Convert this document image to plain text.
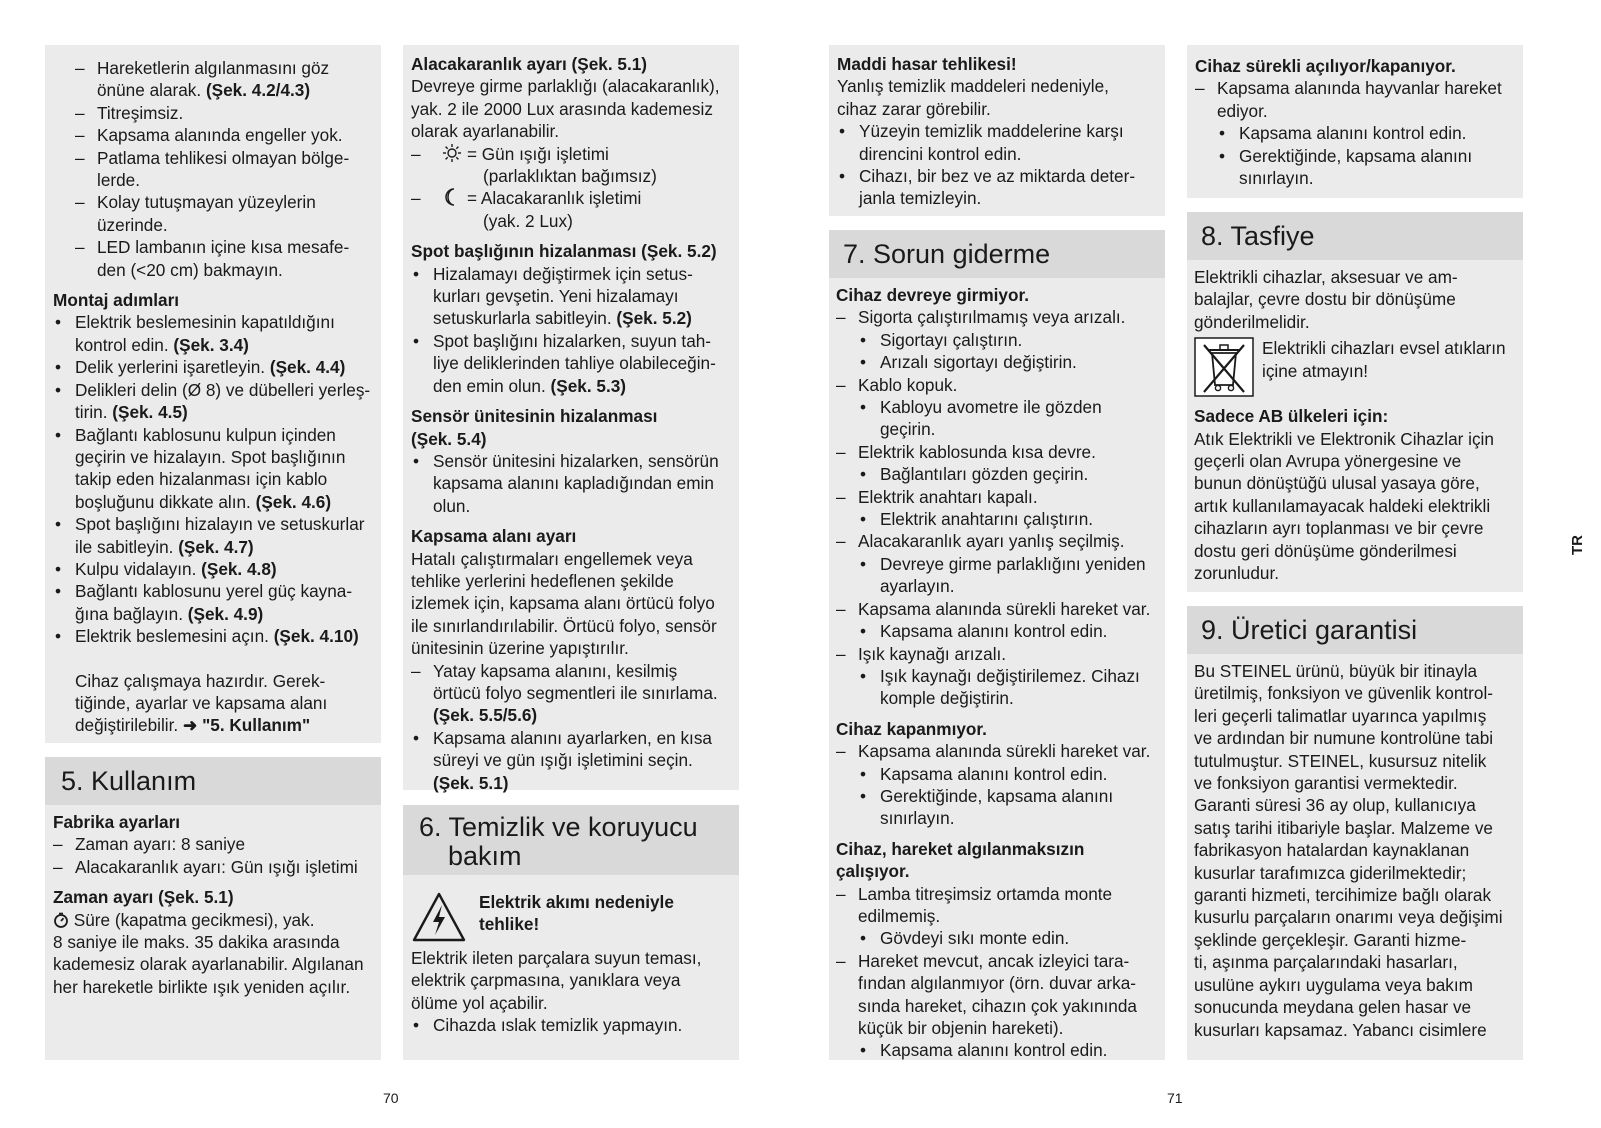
– Hareketlerin algılanmasını göz
önüne alarak. (Şek. 4.2/4.3)
– Titreşimsiz.
– Kapsama alanında engeller yok.
– Patlama tehlikesi olmayan bölge-
lerde.
– Kolay tutuşmayan yüzeylerin
üzerinde.
– LED lambanın içine kısa mesafe-
den (<20 cm) bakmayın.

Montaj adımları

• Elektrik beslemesinin kapatıldığını
kontrol edin. (Şek. 3.4)
• Delik yerlerini işaretleyin. (Şek. 4.4)
• Delikleri delin (Ø 8) ve dübelleri yerleş-
tirin. (Şek. 4.5)
• Bağlantı kablosunu kulpun içinden
geçirin ve hizalayın. Spot başlığının
takip eden hizalanması için kablo
boşluğunu dikkate alın. (Şek. 4.6)
• Spot başlığını hizalayın ve setuskurlar
ile sabitleyin. (Şek. 4.7)
• Kulpu vidalayın. (Şek. 4.8)
• Bağlantı kablosunu yerel güç kayna-
ğına bağlayın. (Şek. 4.9)
• Elektrik beslemesini açın. (Şek. 4.10)

Cihaz çalışmaya hazırdır. Gerek-
tiğinde, ayarlar ve kapsama alanı
değiştirilebilir. ➜ "5. Kullanım"

5. Kullanım

Fabrika ayarları

– Zaman ayarı: 8 saniye
– Alacakaranlık ayarı: Gün ışığı işletimi

Zaman ayarı (Şek. 5.1)

Süre (kapatma gecikmesi), yak.
8 saniye ile maks. 35 dakika arasında
kademesiz olarak ayarlanabilir. Algılanan
her hareketle birlikte ışık yeniden açılır.

70

Alacakaranlık ayarı (Şek. 5.1)

Devreye girme parlaklığı (alacakaranlık),
yak. 2 ile 2000 Lux arasında kademesiz
olarak ayarlanabilir.

–	= Gün ışığı işletimi
(parlaklıktan bağımsız)
–	= Alacakaranlık işletimi
(yak. 2 Lux)

Spot başlığının hizalanması (Şek. 5.2)

• Hizalamayı değiştirmek için setus-
kurları gevşetin. Yeni hizalamayı
setuskurlarla sabitleyin. (Şek. 5.2)
• Spot başlığını hizalarken, suyun tah-
liye deliklerinden tahliye olabileceğin-
den emin olun. (Şek. 5.3)

Sensör ünitesinin hizalanması
(Şek. 5.4)

• Sensör ünitesini hizalarken, sensörün
kapsama alanını kapladığından emin
olun.

Kapsama alanı ayarı

Hatalı çalıştırmaları engellemek veya
tehlike yerlerini hedeflenen şekilde
izlemek için, kapsama alanı örtücü folyo
ile sınırlandırılabilir. Örtücü folyo, sensör
ünitesinin üzerine yapıştırılır.

– Yatay kapsama alanını, kesilmiş
örtücü folyo segmentleri ile sınırlama.
(Şek. 5.5/5.6)
• Kapsama alanını ayarlarken, en kısa
süreyi ve gün ışığı işletimini seçin.
(Şek. 5.1)
6. Temizlik ve koruyucu
bakım

Elektrik akımı nedeniyle
tehlike!

Elektrik ileten parçalara suyun teması,
elektrik çarpmasına, yanıklara veya
ölüme yol açabilir.

• Cihazda ıslak temizlik yapmayın.

Maddi hasar tehlikesi!

Yanlış temizlik maddeleri nedeniyle,
cihaz zarar görebilir.

• Yüzeyin temizlik maddelerine karşı
direncini kontrol edin.
• Cihazı, bir bez ve az miktarda deter-
janla temizleyin.
7. Sorun giderme

Cihaz devreye girmiyor.

– Sigorta çalıştırılmamış veya arızalı.
• Sigortayı çalıştırın.
• Arızalı sigortayı değiştirin.
– Kablo kopuk.
• Kabloyu avometre ile gözden
geçirin.
– Elektrik kablosunda kısa devre.
• Bağlantıları gözden geçirin.
– Elektrik anahtarı kapalı.
• Elektrik anahtarını çalıştırın.
– Alacakaranlık ayarı yanlış seçilmiş.
• Devreye girme parlaklığını yeniden
ayarlayın.
– Kapsama alanında sürekli hareket var.
• Kapsama alanını kontrol edin.
– Işık kaynağı arızalı.
• Işık kaynağı değiştirilemez. Cihazı
komple değiştirin.

Cihaz kapanmıyor.

– Kapsama alanında sürekli hareket var.
• Kapsama alanını kontrol edin.
• Gerektiğinde, kapsama alanını
sınırlayın.

Cihaz, hareket algılanmaksızın
çalışıyor.

– Lamba titreşimsiz ortamda monte
edilmemiş.
• Gövdeyi sıkı monte edin.
– Hareket mevcut, ancak izleyici tara-
fından algılanmıyor (örn. duvar arka-
sında hareket, cihazın çok yakınında
küçük bir objenin hareketi).
• Kapsama alanını kontrol edin.
71

Cihaz sürekli açılıyor/kapanıyor.

– Kapsama alanında hayvanlar hareket
ediyor.
• Kapsama alanını kontrol edin.
• Gerektiğinde, kapsama alanını
sınırlayın.
8. Tasfiye

Elektrikli cihazlar, aksesuar ve am-
balajlar, çevre dostu bir dönüşüme
gönderilmelidir.

Elektrikli cihazları evsel atıkların
içine atmayın!

Sadece AB ülkeleri için:

Atık Elektrikli ve Elektronik Cihazlar için
geçerli olan Avrupa yönergesine ve
bunun dönüştüğü ulusal yasaya göre,
artık kullanılamayacak haldeki elektrikli
cihazların ayrı toplanması ve bir çevre
dostu geri dönüşüme gönderilmesi
zorunludur.

9. Üretici garantisi

Bu STEINEL ürünü, büyük bir itinayla
üretilmiş, fonksiyon ve güvenlik kontrol-
leri geçerli talimatlar uyarınca yapılmış
ve ardından bir numune kontrolüne tabi
tutulmuştur. STEINEL, kusursuz nitelik
ve fonksiyon garantisi vermektedir.
Garanti süresi 36 ay olup, kullanıcıya
satış tarihi itibariyle başlar. Malzeme ve
fabrikasyon hatalardan kaynaklanan
kusurlar tarafımızca giderilmektedir;
garanti hizmeti, tercihimize bağlı olarak
kusurlu parçaların onarımı veya değişimi
şeklinde gerçekleşir. Garanti hizme-
ti, aşınma parçalarındaki hasarları,
usulüne aykırı uygulama veya bakım
sonucunda meydana gelen hasar ve
kusurları kapsamaz. Yabancı cisimlere

TR
